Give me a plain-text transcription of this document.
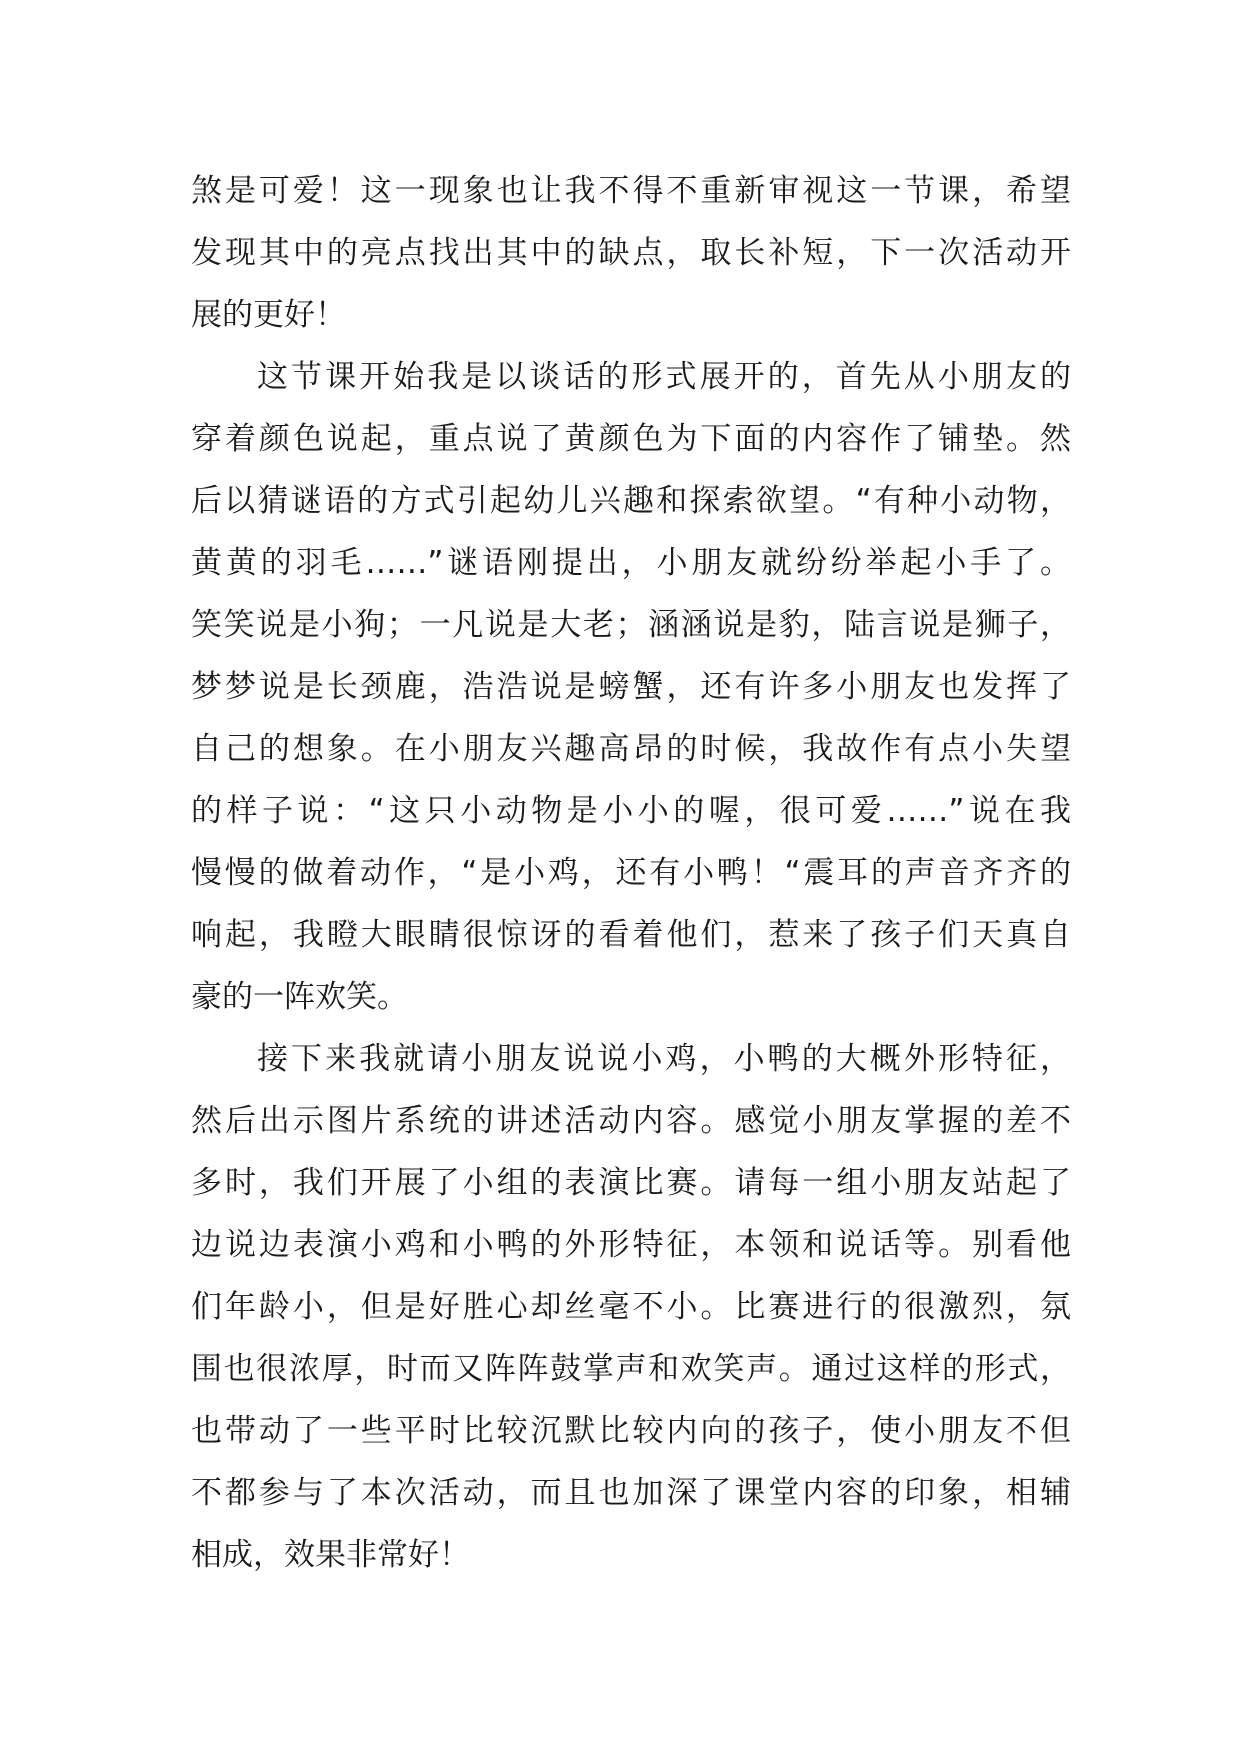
煞是可爱！这一现象也让我不得不重新审视这一节课，希望
发现其中的亮点找出其中的缺点，取长补短，下一次活动开
展的更好！
这节课开始我是以谈话的形式展开的，首先从小朋友的
穿着颜色说起，重点说了黄颜色为下面的内容作了铺垫。然
后以猜谜语的方式引起幼儿兴趣和探索欲望。“有种小动物，
黄黄的羽毛……”谜语刚提出，小朋友就纷纷举起小手了。
笑笑说是小狗；一凡说是大老；涵涵说是豹，陆言说是狮子，
梦梦说是长颈鹿，浩浩说是螃蟹，还有许多小朋友也发挥了
自己的想象。在小朋友兴趣高昂的时候，我故作有点小失望
的样子说：“这只小动物是小小的喔，很可爱……”说在我
慢慢的做着动作，“是小鸡，还有小鸭！“震耳的声音齐齐的
响起，我瞪大眼睛很惊讶的看着他们，惹来了孩子们天真自
豪的一阵欢笑。
接下来我就请小朋友说说小鸡，小鸭的大概外形特征，
然后出示图片系统的讲述活动内容。感觉小朋友掌握的差不
多时，我们开展了小组的表演比赛。请每一组小朋友站起了
边说边表演小鸡和小鸭的外形特征，本领和说话等。别看他
们年龄小，但是好胜心却丝毫不小。比赛进行的很激烈，氛
围也很浓厚，时而又阵阵鼓掌声和欢笑声。通过这样的形式，
也带动了一些平时比较沉默比较内向的孩子，使小朋友不但
不都参与了本次活动，而且也加深了课堂内容的印象，相辅
相成，效果非常好！
